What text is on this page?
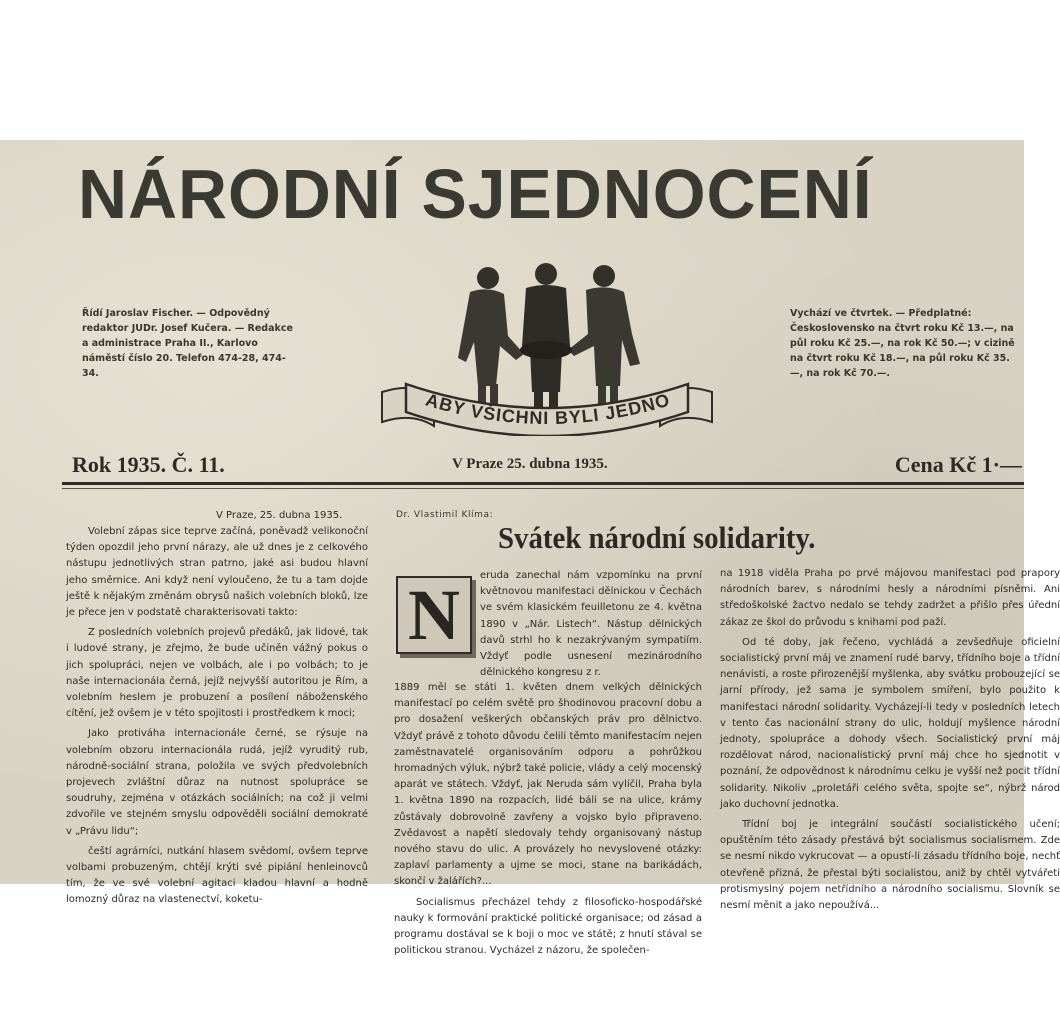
NÁRODNÍ SJEDNOCENÍ
Řídí Jaroslav Fischer. — Odpovědný redaktor JUDr. Josef Kučera. — Redakce a administrace Praha II., Karlovo náměstí číslo 20. Telefon 474-28, 474-34.
Vychází ve čtvrtek. — Předplatné: Československo na čtvrt roku Kč 13.—, na půl roku Kč 25.—, na rok Kč 50.—; v cizině na čtvrt roku Kč 18.—, na půl roku Kč 35.—, na rok Kč 70.—.
ABY VŠICHNI BYLI JEDNO
Rok 1935. Č. 11.	V Praze 25. dubna 1935.	Cena Kč 1·—
V Praze, 25. dubna 1935.

Volební zápas sice teprve začíná, poněvadž velikonoční týden opozdil jeho první nárazy, ale už dnes je z celkového nástupu jednotlivých stran patrno, jaké asi budou hlavní jeho směrnice. Ani když není vyloučeno, že tu a tam dojde ještě k nějakým změnám obrysů našich volebních bloků, lze je přece jen v podstatě charakterisovati takto:

Z posledních volebních projevů předáků, jak lidové, tak i ludové strany, je zřejmo, že bude učiněn vážný pokus o jich spolupráci, nejen ve volbách, ale i po volbách; to je naše internacionála černá, jejíž nejvyšší autoritou je Řím, a volebním heslem je probuzení a posílení náboženského cítění, jež ovšem je v této spojitosti i prostředkem k moci;

Jako protiváha internacionále černé, se rýsuje na volebním obzoru internacionála rudá, jejíž vyruditý rub, národně-sociální strana, položila ve svých předvolebních projevech zvláštní důraz na nutnost spolupráce se soudruhy, zejména v otázkách sociálních; na což ji velmi zdvořile ve stejném smyslu odpověděli sociální demokraté v „Právu lidu“;

čeští agrárníci, nutkání hlasem svědomí, ovšem teprve volbami probuzeným, chtějí krýti své pipiání henleinovců tím, že ve své volební agitaci kladou hlavní a hodně lomozný důraz na vlastenectví, koketu-

Dr. Vlastimil Klíma:
Svátek národní solidarity.
N	eruda zanechal nám vzpomínku na první květnovou manifestaci dělnickou v Čechách ve svém klasickém feuilletonu ze 4. května 1890 v „Nár. Listech“. Nástup dělnických davů strhl ho k nezakrývaným sympatiím. Vždyť podle usnesení mezinárodního dělnického kongresu z r.

1889 měl se státi 1. květen dnem velkých dělnických manifestací po celém světě pro šhodinovou pracovní dobu a pro dosažení veškerých občanských práv pro dělnictvo. Vždyť právě z tohoto důvodu čelili těmto manifestacím nejen zaměstnavatelé organisováním odporu a pohrůžkou hromadných výluk, nýbrž také policie, vlády a celý mocenský aparát ve státech. Vždyť, jak Neruda sám vylíčil, Praha byla 1. května 1890 na rozpacích, lidé báli se na ulice, krámy zůstávaly dobrovolně zavřeny a vojsko bylo připraveno. Zvědavost a napětí sledovaly tehdy organisovaný nástup nového stavu do ulic. A provázely ho nevyslovené otázky: zaplaví parlamenty a ujme se moci, stane na barikádách, skončí v žalářích?...

Socialismus přecházel tehdy z filosoficko-hospodářské nauky k formování praktické politické organisace; od zásad a programu dostával se k boji o moc ve státě; z hnutí stával se politickou stranou. Vycházel z názoru, že společen-

na 1918 viděla Praha po prvé májovou manifestaci pod prapory národních barev, s národními hesly a národními písněmi. Ani středoškolské žactvo nedalo se tehdy zadržet a přišlo přes úřední zákaz ze škol do průvodu s knihami pod paží.

Od té doby, jak řečeno, vychládá a zevšedňuje oficielní socialistický první máj ve znamení rudé barvy, třídního boje a třídní nenávisti, a roste přirozenější myšlenka, aby svátku probouzející se jarní přírody, jež sama je symbolem smíření, bylo použito k manifestaci národní solidarity. Vycházejí-li tedy v posledních letech v tento čas nacionální strany do ulic, holdují myšlence národní jednoty, spolupráce a dohody všech. Socialistický první máj rozdělovat národ, nacionalistický první máj chce ho sjednotit v poznání, že odpovědnost k národnímu celku je vyšší než pocit třídní solidarity. Nikoliv „proletáři celého světa, spojte se“, nýbrž národ jako duchovní jednotka.

Třídní boj je integrální součástí socialistického učení; opuštěním této zásady přestává být socialismus socialismem. Zde se nesmí nikdo vykrucovat — a opustí-li zásadu třídního boje, nechť otevřeně přizná, že přestal býti socialistou, aniž by chtěl vytvářeti protismyslný pojem netřídního a národního socialismu. Slovník se nesmí měnit a jako nepoužívá...
